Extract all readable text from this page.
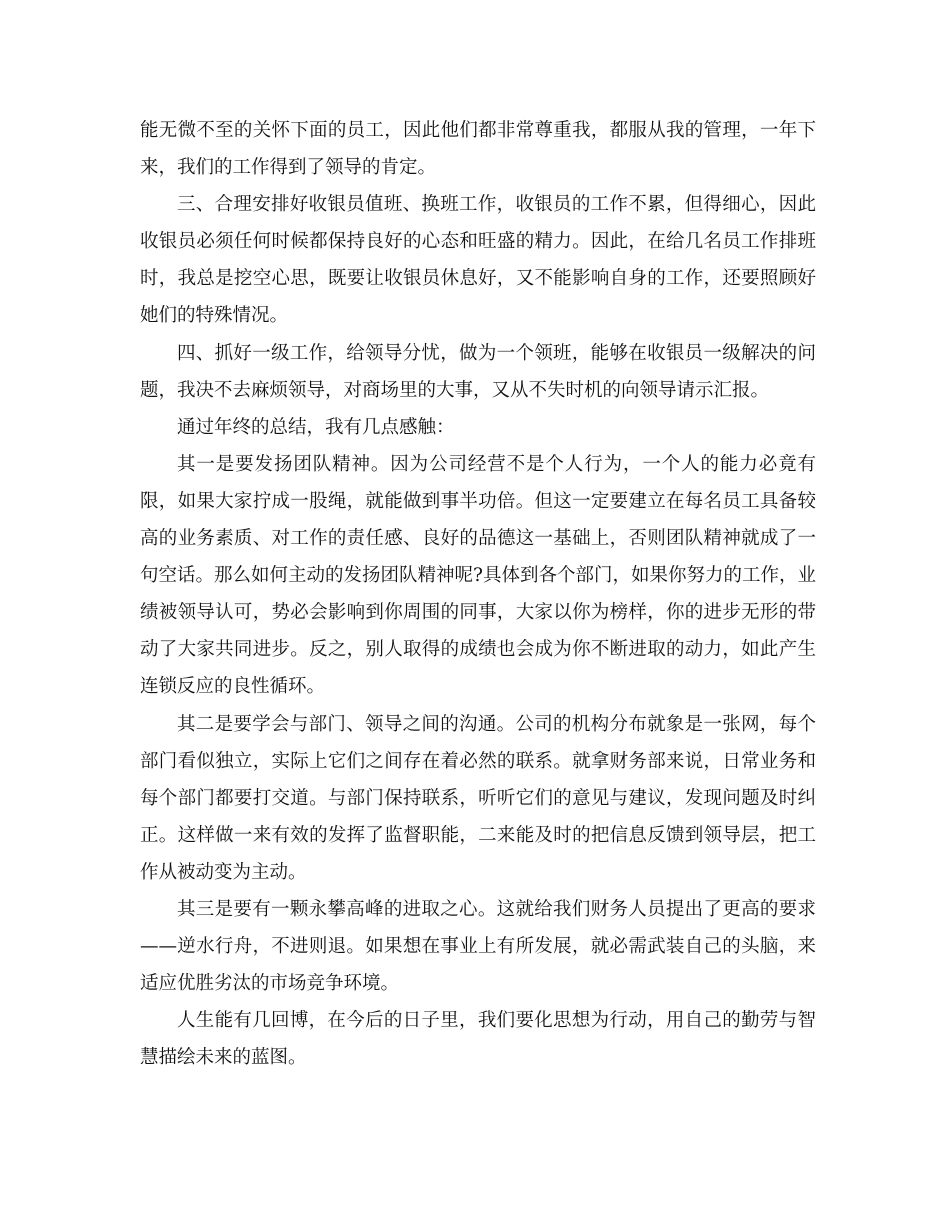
能无微不至的关怀下面的员工，因此他们都非常尊重我，都服从我的管理，一年下来，我们的工作得到了领导的肯定。

三、合理安排好收银员值班、换班工作，收银员的工作不累，但得细心，因此收银员必须任何时候都保持良好的心态和旺盛的精力。因此，在给几名员工作排班时，我总是挖空心思，既要让收银员休息好，又不能影响自身的工作，还要照顾好她们的特殊情况。

四、抓好一级工作，给领导分忧，做为一个领班，能够在收银员一级解决的问题，我决不去麻烦领导，对商场里的大事，又从不失时机的向领导请示汇报。

通过年终的总结，我有几点感触：

其一是要发扬团队精神。因为公司经营不是个人行为，一个人的能力必竟有限，如果大家拧成一股绳，就能做到事半功倍。但这一定要建立在每名员工具备较高的业务素质、对工作的责任感、良好的品德这一基础上，否则团队精神就成了一句空话。那么如何主动的发扬团队精神呢?具体到各个部门，如果你努力的工作，业绩被领导认可，势必会影响到你周围的同事，大家以你为榜样，你的进步无形的带动了大家共同进步。反之，别人取得的成绩也会成为你不断进取的动力，如此产生连锁反应的良性循环。

其二是要学会与部门、领导之间的沟通。公司的机构分布就象是一张网，每个部门看似独立，实际上它们之间存在着必然的联系。就拿财务部来说，日常业务和每个部门都要打交道。与部门保持联系，听听它们的意见与建议，发现问题及时纠正。这样做一来有效的发挥了监督职能，二来能及时的把信息反馈到领导层，把工作从被动变为主动。

其三是要有一颗永攀高峰的进取之心。这就给我们财务人员提出了更高的要求——逆水行舟，不进则退。如果想在事业上有所发展，就必需武装自己的头脑，来适应优胜劣汰的市场竞争环境。

人生能有几回博，在今后的日子里，我们要化思想为行动，用自己的勤劳与智慧描绘未来的蓝图。
